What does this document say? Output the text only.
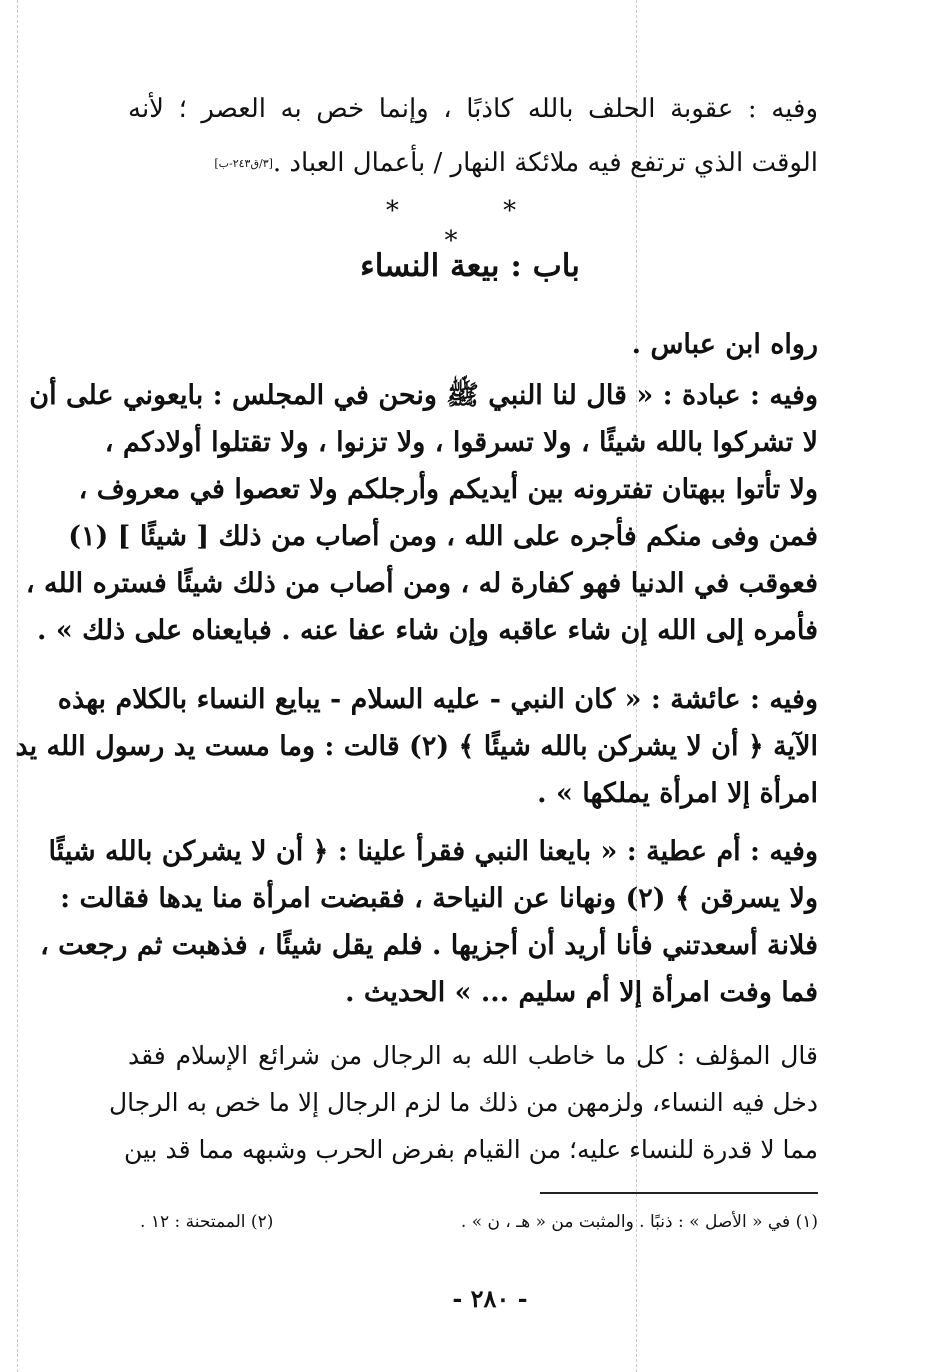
وفيه : عقوبة الحلف بالله كاذبًا ، وإنما خص به العصر ؛ لأنه
الوقت الذي ترتفع فيه ملائكة النهار / بأعمال العباد .[٣/ق٢٤٣-ب]
* * *
باب : بيعة النساء
رواه ابن عباس .
وفيه : عبادة : « قال لنا النبي ﷺ ونحن في المجلس : بايعوني على أن
لا تشركوا بالله شيئًا ، ولا تسرقوا ، ولا تزنوا ، ولا تقتلوا أولادكم ،
ولا تأتوا ببهتان تفترونه بين أيديكم وأرجلكم ولا تعصوا في معروف ،
فمن وفى منكم فأجره على الله ، ومن أصاب من ذلك [ شيئًا ] (١)
فعوقب في الدنيا فهو كفارة له ، ومن أصاب من ذلك شيئًا فستره الله ،
فأمره إلى الله إن شاء عاقبه وإن شاء عفا عنه . فبايعناه على ذلك » .
وفيه : عائشة : « كان النبي - عليه السلام - يبايع النساء بالكلام بهذه
الآية ﴿ أن لا يشركن بالله شيئًا ﴾ (٢) قالت : وما مست يد رسول الله يد
امرأة إلا امرأة يملكها » .
وفيه : أم عطية : « بايعنا النبي فقرأ علينا : ﴿ أن لا يشركن بالله شيئًا
ولا يسرقن ﴾ (٢) ونهانا عن النياحة ، فقبضت امرأة منا يدها فقالت :
فلانة أسعدتني فأنا أريد أن أجزيها . فلم يقل شيئًا ، فذهبت ثم رجعت ،
فما وفت امرأة إلا أم سليم ... » الحديث .
قال المؤلف : كل ما خاطب الله به الرجال من شرائع الإسلام فقد
دخل فيه النساء، ولزمهن من ذلك ما لزم الرجال إلا ما خص به الرجال
مما لا قدرة للنساء عليه؛ من القيام بفرض الحرب وشبهه مما قد بين
(١) في « الأصل » : ذنبًا . والمثبت من « هـ ، ن » .
(٢) الممتحنة : ١٢ .
- ٢٨٠ -
